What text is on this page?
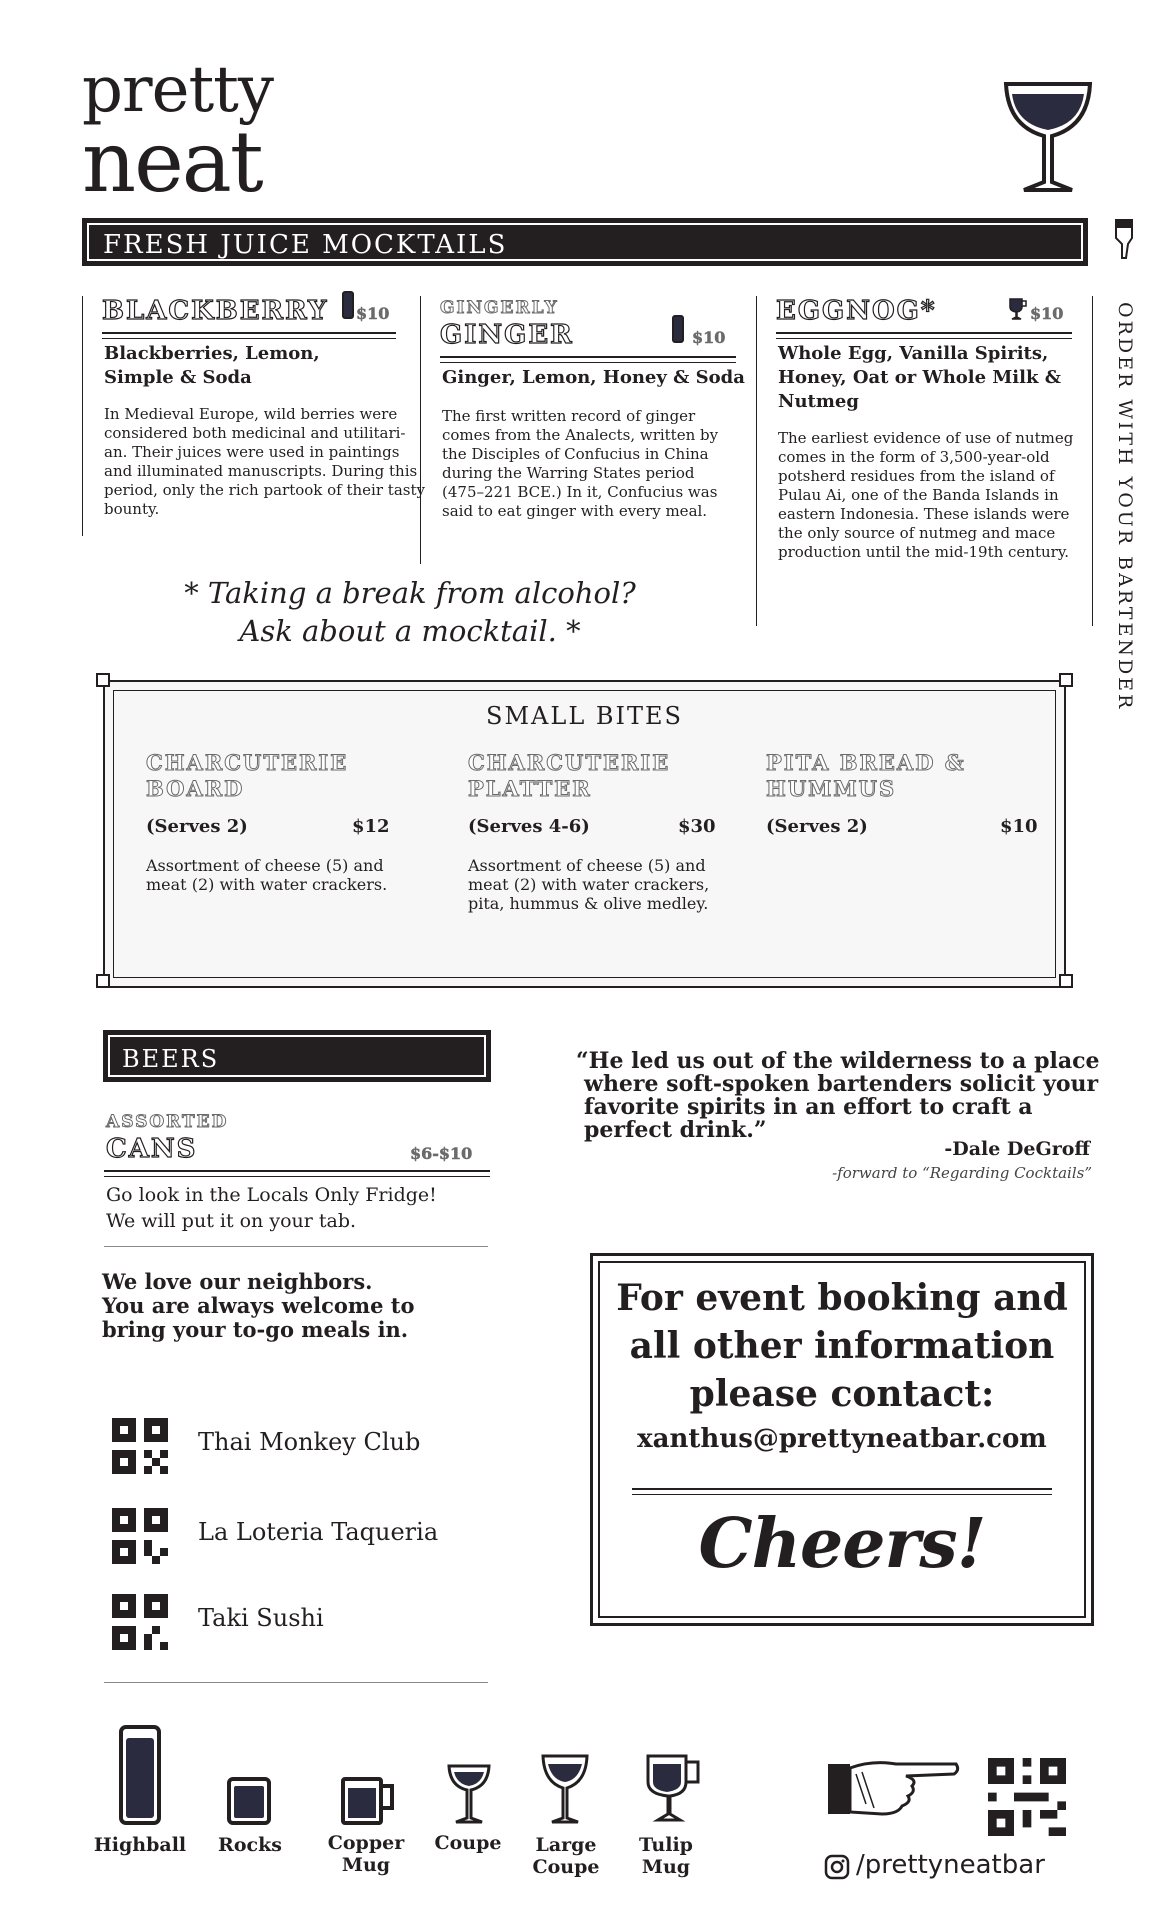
pretty
neat
ORDER WITH YOUR BARTENDER
FRESH JUICE MOCKTAILS
BLACKBERRY $10
Blackberries, Lemon,
Simple & Soda
In Medieval Europe, wild berries were
considered both medicinal and utilitari-
an. Their juices were used in paintings
and illuminated manuscripts. During this
period, only the rich partook of their tasty
bounty.
GINGERLY
GINGER	$10
Ginger, Lemon, Honey & Soda
The first written record of ginger
comes from the Analects, written by
the Disciples of Confucius in China
during the Warring States period
(475–221 BCE.) In it, Confucius was
said to eat ginger with every meal.
EGGNOG*	$10
Whole Egg, Vanilla Spirits,
Honey, Oat or Whole Milk &
Nutmeg
The earliest evidence of use of nutmeg
comes in the form of 3,500-year-old
potsherd residues from the island of
Pulau Ai, one of the Banda Islands in
eastern Indonesia. These islands were
the only source of nutmeg and mace
production until the mid-19th century.
* Taking a break from alcohol?
Ask about a mocktail. *
SMALL BITES
CHARCUTERIE
BOARD
(Serves 2)	$12
Assortment of cheese (5) and
meat (2) with water crackers.
CHARCUTERIE
PLATTER
(Serves 4-6)	$30
Assortment of cheese (5) and
meat (2) with water crackers,
pita, hummus & olive medley.
PITA BREAD &
HUMMUS
(Serves 2)	$10
BEERS
ASSORTED
CANS	$6-$10
Go look in the Locals Only Fridge!
We will put it on your tab.
We love our neighbors.
You are always welcome to
bring your to-go meals in.
Thai Monkey Club
La Loteria Taqueria
Taki Sushi
“He led us out of the wilderness to a place
where soft-spoken bartenders solicit your
favorite spirits in an effort to craft a
perfect drink.”
-Dale DeGroff
-forward to “Regarding Cocktails”
For event booking and
all other information
please contact:
xanthus@prettyneatbar.com
Cheers!
Highball	Rocks	Copper
Mug
Coupe	Large
Coupe
Tulip
Mug	/prettyneatbar
